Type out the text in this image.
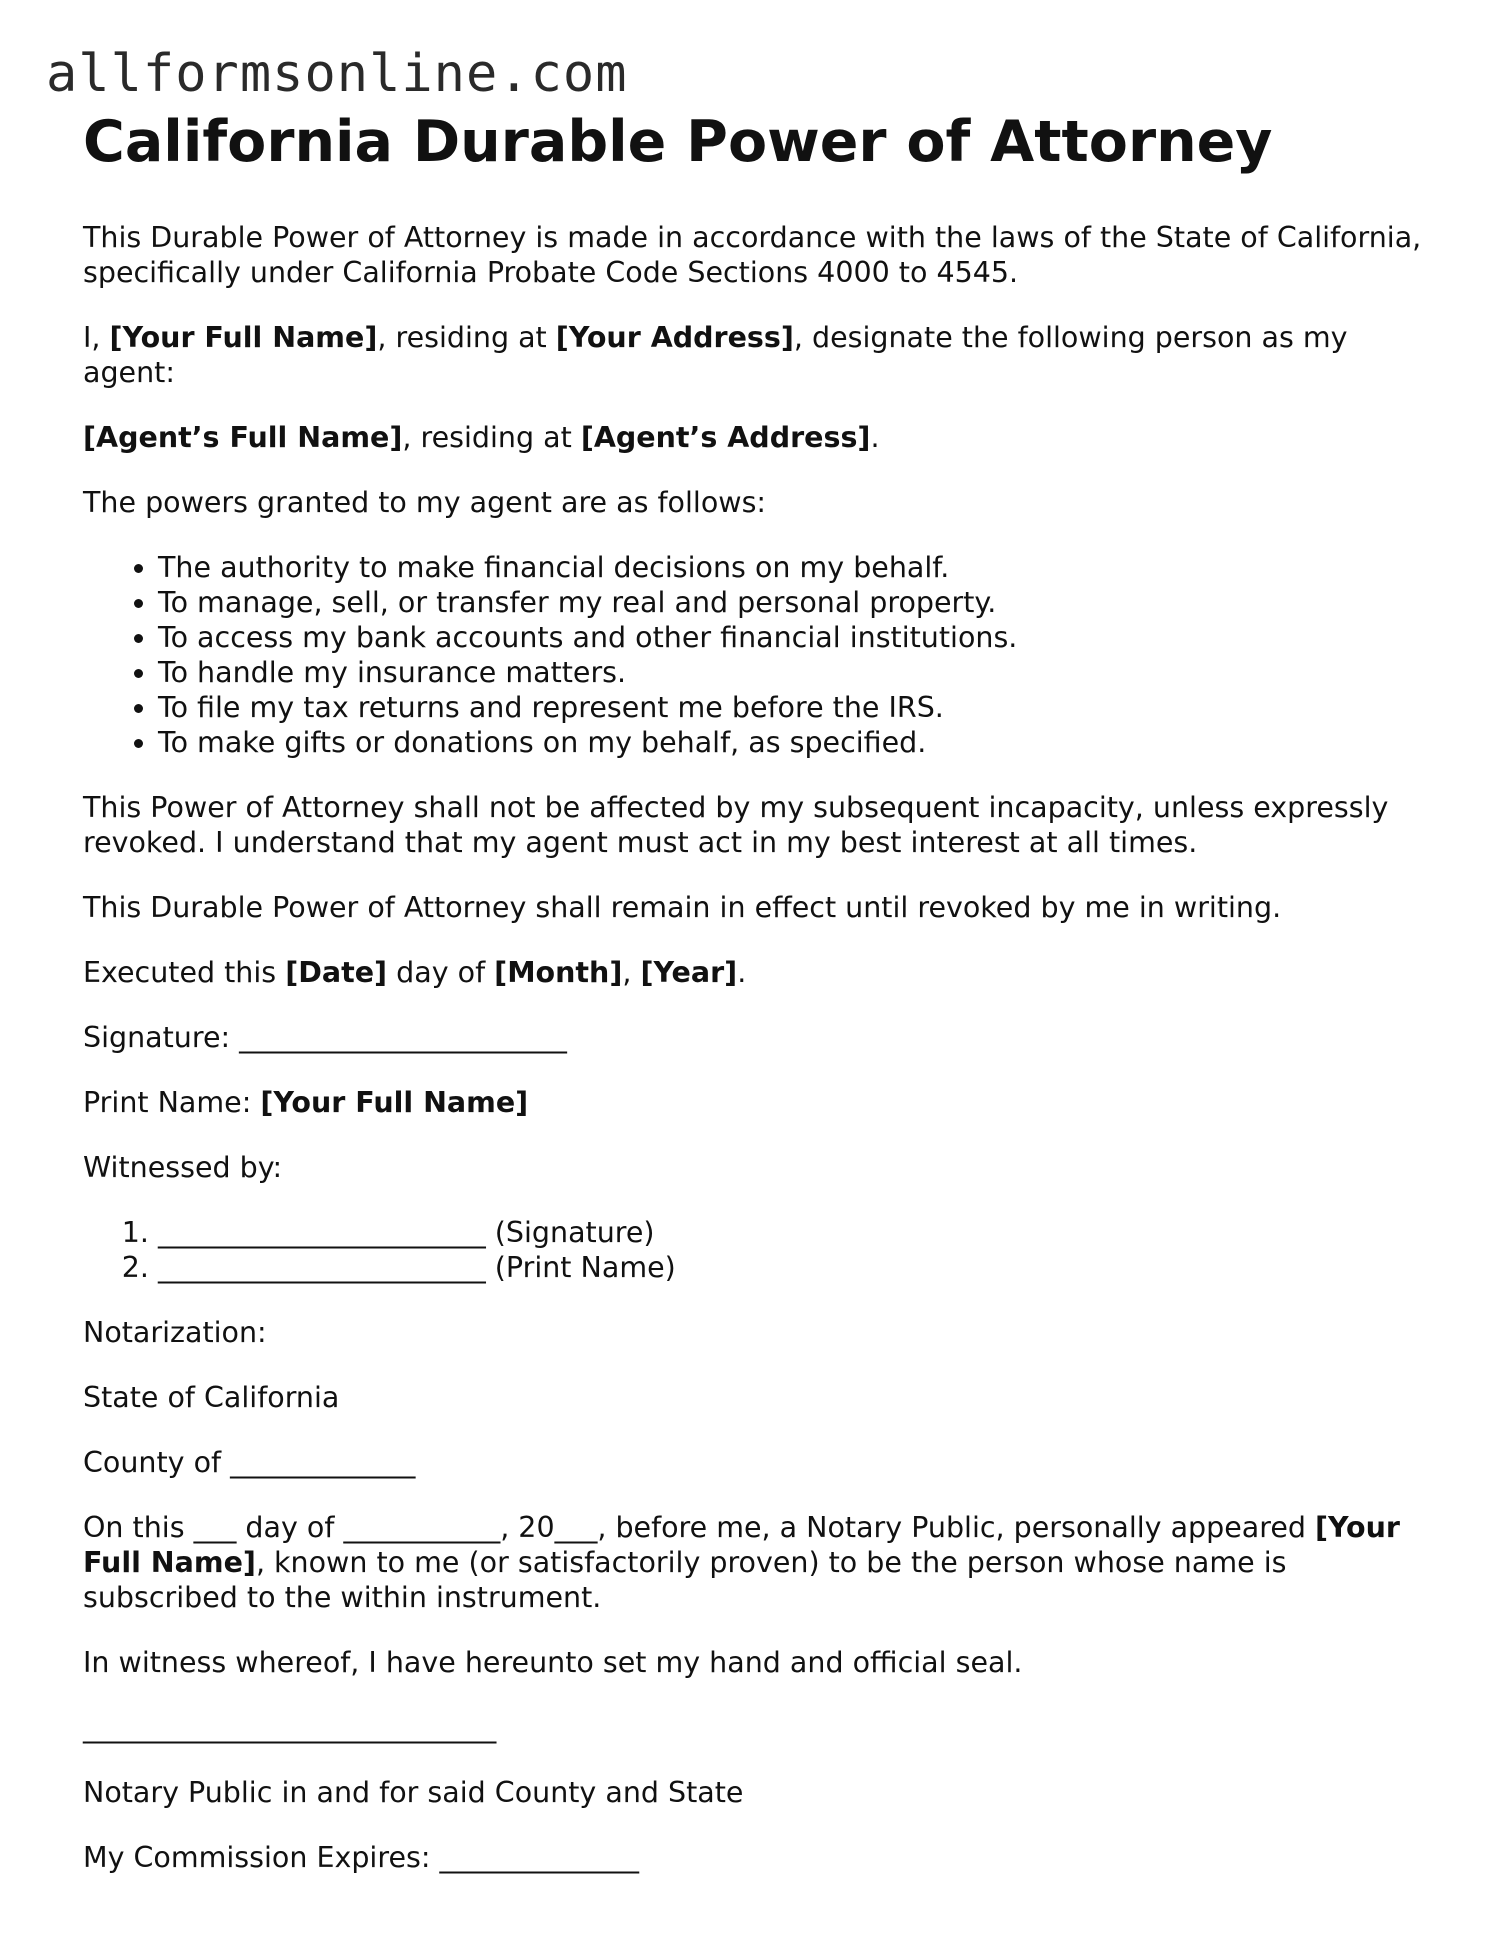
allformsonline.com
California Durable Power of Attorney

This Durable Power of Attorney is made in accordance with the laws of the State of California, specifically under California Probate Code Sections 4000 to 4545.

I, [Your Full Name], residing at [Your Address], designate the following person as my agent:

[Agent’s Full Name], residing at [Agent’s Address].

The powers granted to my agent are as follows:

• The authority to make financial decisions on my behalf.
• To manage, sell, or transfer my real and personal property.
• To access my bank accounts and other financial institutions.
• To handle my insurance matters.
• To file my tax returns and represent me before the IRS.
• To make gifts or donations on my behalf, as specified.

This Power of Attorney shall not be affected by my subsequent incapacity, unless expressly revoked. I understand that my agent must act in my best interest at all times.

This Durable Power of Attorney shall remain in effect until revoked by me in writing.

Executed this [Date] day of [Month], [Year].

Signature: _______________________

Print Name: [Your Full Name]

Witnessed by:

1. _______________________ (Signature)
2. _______________________ (Print Name)

Notarization:

State of California

County of _____________

On this ___ day of ___________, 20___, before me, a Notary Public, personally appeared [Your Full Name], known to me (or satisfactorily proven) to be the person whose name is subscribed to the within instrument.

In witness whereof, I have hereunto set my hand and official seal.

_____________________________

Notary Public in and for said County and State

My Commission Expires: ______________
